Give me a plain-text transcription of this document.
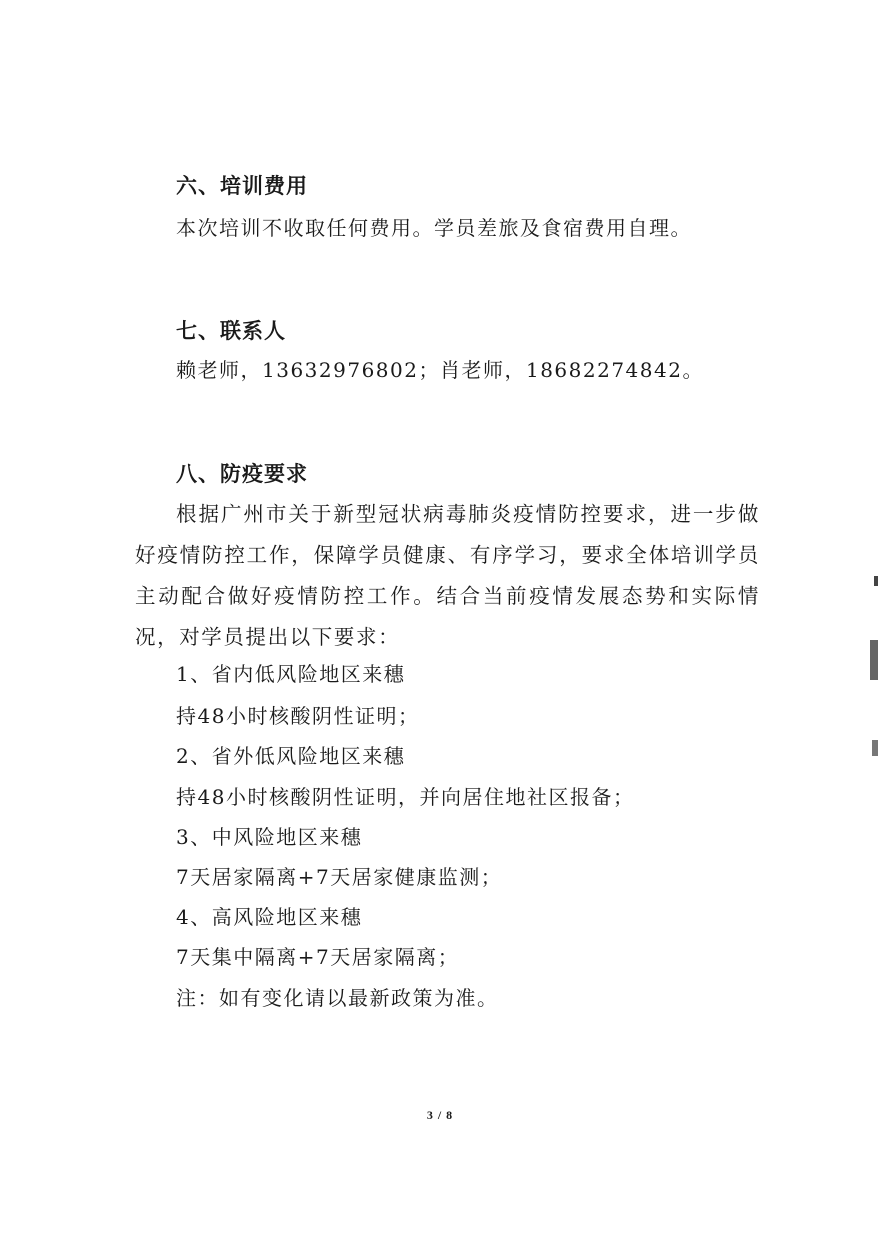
六、培训费用
本次培训不收取任何费用。学员差旅及食宿费用自理。
七、联系人
赖老师，13632976802；肖老师，18682274842。
八、防疫要求
根据广州市关于新型冠状病毒肺炎疫情防控要求，进一步做好疫情防控工作，保障学员健康、有序学习，要求全体培训学员主动配合做好疫情防控工作。结合当前疫情发展态势和实际情况，对学员提出以下要求：
1、省内低风险地区来穗
持48小时核酸阴性证明；
2、省外低风险地区来穗
持48小时核酸阴性证明，并向居住地社区报备；
3、中风险地区来穗
7天居家隔离+7天居家健康监测；
4、高风险地区来穗
7天集中隔离+7天居家隔离；
注：如有变化请以最新政策为准。
3 / 8
